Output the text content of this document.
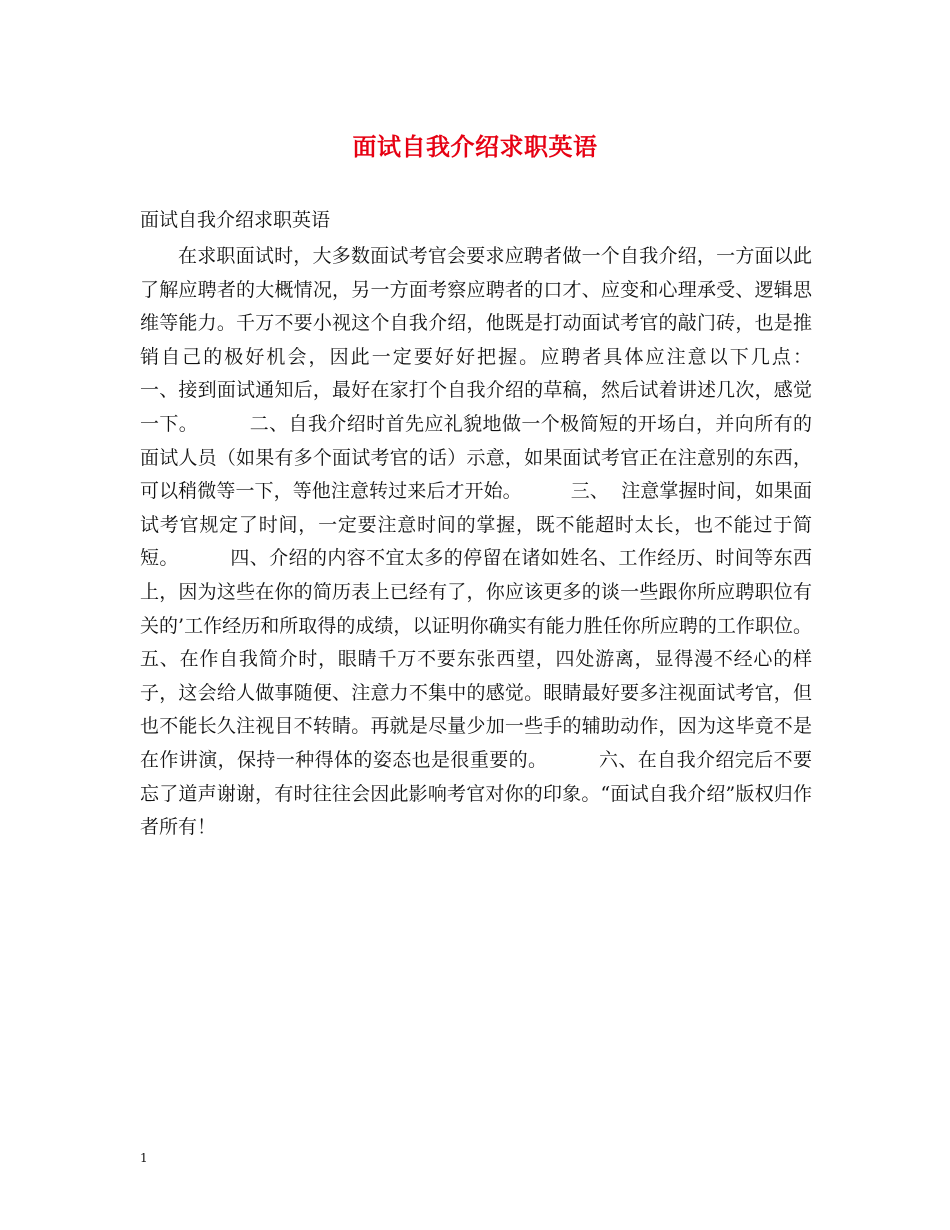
面试自我介绍求职英语
面试自我介绍求职英语
在求职面试时，大多数面试考官会要求应聘者做一个自我介绍，一方面以此了解应聘者的大概情况，另一方面考察应聘者的口才、应变和心理承受、逻辑思维等能力。千万不要小视这个自我介绍，他既是打动面试考官的敲门砖，也是推销自己的极好机会，因此一定要好好把握。应聘者具体应注意以下几点：        一、接到面试通知后，最好在家打个自我介绍的草稿，然后试着讲述几次，感觉一下。        二、自我介绍时首先应礼貌地做一个极简短的开场白，并向所有的面试人员（如果有多个面试考官的话）示意，如果面试考官正在注意别的东西，可以稍微等一下，等他注意转过来后才开始。        三、  注意掌握时间，如果面试考官规定了时间，一定要注意时间的掌握，既不能超时太长，也不能过于简短。        四、介绍的内容不宜太多的停留在诸如姓名、工作经历、时间等东西上，因为这些在你的简历表上已经有了，你应该更多的谈一些跟你所应聘职位有关的’工作经历和所取得的成绩，以证明你确实有能力胜任你所应聘的工作职位。        五、在作自我简介时，眼睛千万不要东张西望，四处游离，显得漫不经心的样子，这会给人做事随便、注意力不集中的感觉。眼睛最好要多注视面试考官，但也不能长久注视目不转睛。再就是尽量少加一些手的辅助动作，因为这毕竟不是在作讲演，保持一种得体的姿态也是很重要的。        六、在自我介绍完后不要忘了道声谢谢，有时往往会因此影响考官对你的印象。“面试自我介绍”版权归作者所有！
1
